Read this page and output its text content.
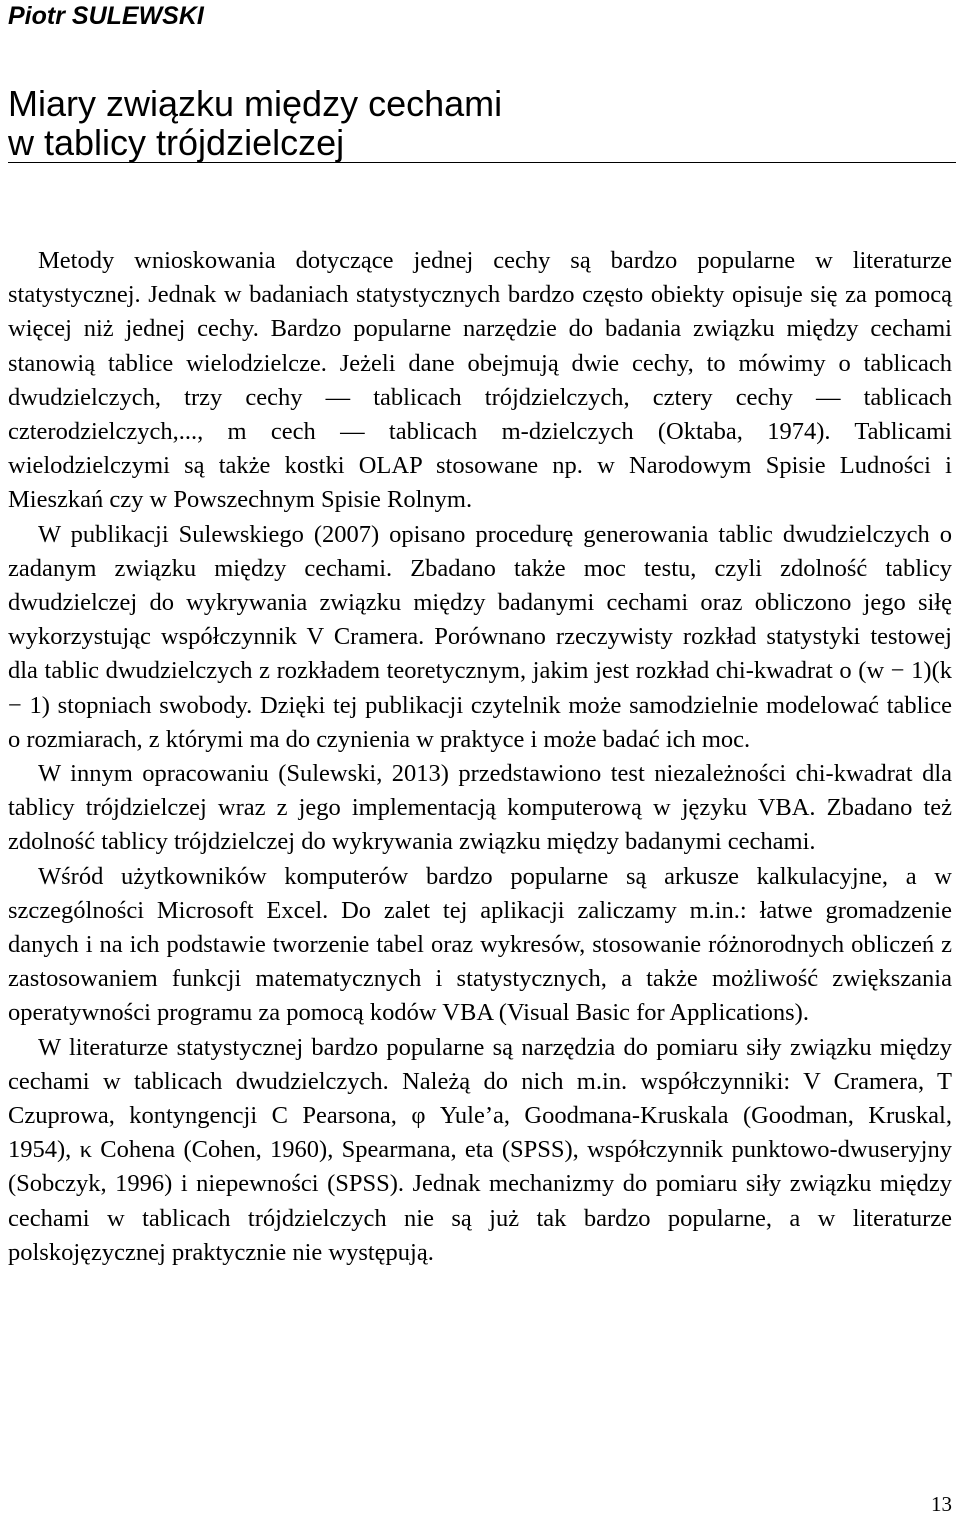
Piotr SULEWSKI
Miary związku między cechami
w tablicy trójdzielczej

Metody wnioskowania dotyczące jednej cechy są bardzo popularne w literaturze statystycznej. Jednak w badaniach statystycznych bardzo często obiekty opisuje się za pomocą więcej niż jednej cechy. Bardzo popularne narzędzie do badania związku między cechami stanowią tablice wielodzielcze. Jeżeli dane obejmują dwie cechy, to mówimy o tablicach dwudzielczych, trzy cechy — tablicach trójdzielczych, cztery cechy — tablicach czterodzielczych,..., m cech — tablicach m-dzielczych (Oktaba, 1974). Tablicami wielodzielczymi są także kostki OLAP stosowane np. w Narodowym Spisie Ludności i Mieszkań czy w Powszechnym Spisie Rolnym.

W publikacji Sulewskiego (2007) opisano procedurę generowania tablic dwudzielczych o zadanym związku między cechami. Zbadano także moc testu, czyli zdolność tablicy dwudzielczej do wykrywania związku między badanymi cechami oraz obliczono jego siłę wykorzystując współczynnik V Cramera. Porównano rzeczywisty rozkład statystyki testowej dla tablic dwudzielczych z rozkładem teoretycznym, jakim jest rozkład chi-kwadrat o (w − 1)(k − 1) stopniach swobody. Dzięki tej publikacji czytelnik może samodzielnie modelować tablice o rozmiarach, z którymi ma do czynienia w praktyce i może badać ich moc.

W innym opracowaniu (Sulewski, 2013) przedstawiono test niezależności chi-kwadrat dla tablicy trójdzielczej wraz z jego implementacją komputerową w języku VBA. Zbadano też zdolność tablicy trójdzielczej do wykrywania związku między badanymi cechami.

Wśród użytkowników komputerów bardzo popularne są arkusze kalkulacyjne, a w szczególności Microsoft Excel. Do zalet tej aplikacji zaliczamy m.in.: łatwe gromadzenie danych i na ich podstawie tworzenie tabel oraz wykresów, stosowanie różnorodnych obliczeń z zastosowaniem funkcji matematycznych i statystycznych, a także możliwość zwiększania operatywności programu za pomocą kodów VBA (Visual Basic for Applications).

W literaturze statystycznej bardzo popularne są narzędzia do pomiaru siły związku między cechami w tablicach dwudzielczych. Należą do nich m.in. współczynniki: V Cramera, T Czuprowa, kontyngencji C Pearsona, φ Yule’a, Goodmana-Kruskala (Goodman, Kruskal, 1954), κ Cohena (Cohen, 1960), Spearmana, eta (SPSS), współczynnik punktowo-dwuseryjny (Sobczyk, 1996) i niepewności (SPSS). Jednak mechanizmy do pomiaru siły związku między cechami w tablicach trójdzielczych nie są już tak bardzo popularne, a w literaturze polskojęzycznej praktycznie nie występują.

13
